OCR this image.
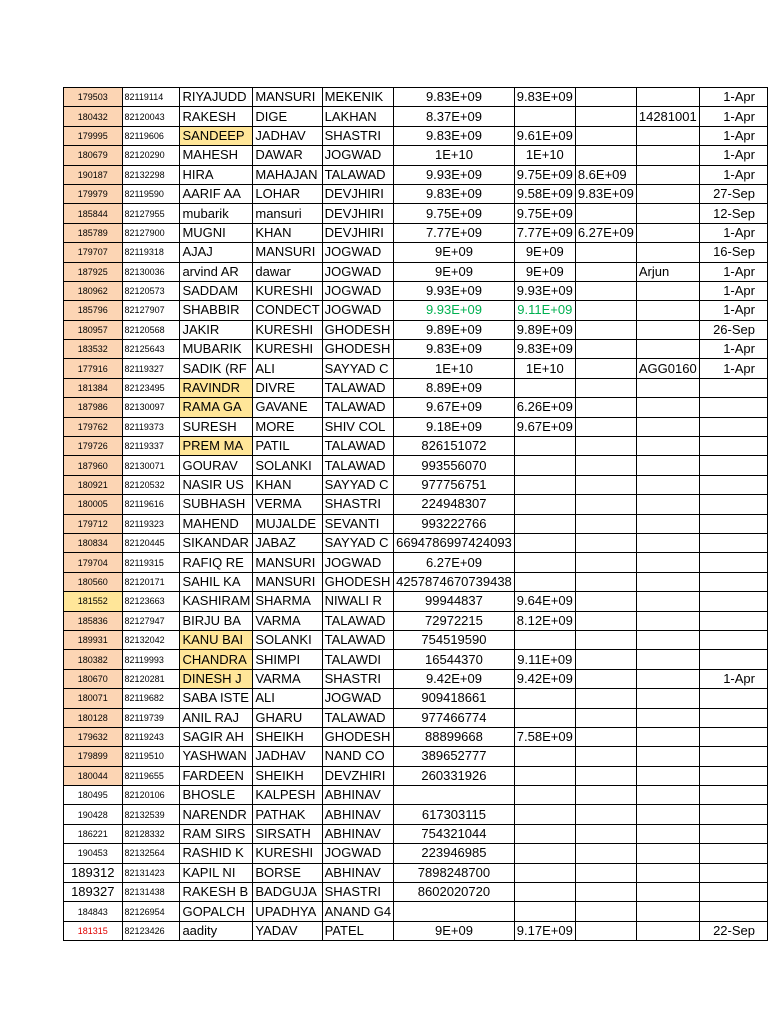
179503	82119114	RIYAJUDD	MANSURI	MEKENIK	9.83E+09	9.83E+09			1-Apr
180432	82120043	RAKESH	DIGE	LAKHAN	8.37E+09			14281001	1-Apr
179995	82119606	SANDEEP	JADHAV	SHASTRI	9.83E+09	9.61E+09			1-Apr
180679	82120290	MAHESH	DAWAR	JOGWAD	1E+10	1E+10			1-Apr
190187	82132298	HIRA	MAHAJAN	TALAWAD	9.93E+09	9.75E+09	8.6E+09		1-Apr
179979	82119590	AARIF AA	LOHAR	DEVJHIRI	9.83E+09	9.58E+09	9.83E+09		27-Sep
185844	82127955	mubarik	mansuri	DEVJHIRI	9.75E+09	9.75E+09			12-Sep
185789	82127900	MUGNI	KHAN	DEVJHIRI	7.77E+09	7.77E+09	6.27E+09		1-Apr
179707	82119318	AJAJ	MANSURI	JOGWAD	9E+09	9E+09			16-Sep
187925	82130036	arvind AR	dawar	JOGWAD	9E+09	9E+09		Arjun	1-Apr
180962	82120573	SADDAM	KURESHI	JOGWAD	9.93E+09	9.93E+09			1-Apr
185796	82127907	SHABBIR	CONDECT	JOGWAD	9.93E+09	9.11E+09			1-Apr
180957	82120568	JAKIR	KURESHI	GHODESH	9.89E+09	9.89E+09			26-Sep
183532	82125643	MUBARIK	KURESHI	GHODESH	9.83E+09	9.83E+09			1-Apr
177916	82119327	SADIK (RF	ALI	SAYYAD C	1E+10	1E+10		AGG0160	1-Apr
181384	82123495	RAVINDR	DIVRE	TALAWAD	8.89E+09				
187986	82130097	RAMA GA	GAVANE	TALAWAD	9.67E+09	6.26E+09			
179762	82119373	SURESH	MORE	SHIV COL	9.18E+09	9.67E+09			
179726	82119337	PREM MA	PATIL	TALAWAD	826151072				
187960	82130071	GOURAV	SOLANKI	TALAWAD	993556070				
180921	82120532	NASIR US	KHAN	SAYYAD C	977756751				
180005	82119616	SUBHASH	VERMA	SHASTRI	224948307				
179712	82119323	MAHEND	MUJALDE	SEVANTI	993222766				
180834	82120445	SIKANDAR	JABAZ	SAYYAD C	6694786997424093				
179704	82119315	RAFIQ RE	MANSURI	JOGWAD	6.27E+09				
180560	82120171	SAHIL KA	MANSURI	GHODESH	4257874670739438				
181552	82123663	KASHIRAM	SHARMA	NIWALI R	99944837	9.64E+09			
185836	82127947	BIRJU BA	VARMA	TALAWAD	72972215	8.12E+09			
189931	82132042	KANU BAI	SOLANKI	TALAWAD	754519590				
180382	82119993	CHANDRA	SHIMPI	TALAWDI	16544370	9.11E+09			
180670	82120281	DINESH J	VARMA	SHASTRI	9.42E+09	9.42E+09			1-Apr
180071	82119682	SABA ISTE	ALI	JOGWAD	909418661				
180128	82119739	ANIL RAJ	GHARU	TALAWAD	977466774				
179632	82119243	SAGIR AH	SHEIKH	GHODESH	88899668	7.58E+09			
179899	82119510	YASHWAN	JADHAV	NAND CO	389652777				
180044	82119655	FARDEEN	SHEIKH	DEVZHIRI	260331926				
180495	82120106	BHOSLE	KALPESH	ABHINAV					
190428	82132539	NARENDR	PATHAK	ABHINAV	617303115				
186221	82128332	RAM SIRS	SIRSATH	ABHINAV	754321044				
190453	82132564	RASHID K	KURESHI	JOGWAD	223946985				
189312	82131423	KAPIL NI	BORSE	ABHINAV	7898248700				
189327	82131438	RAKESH B	BADGUJA	SHASTRI	8602020720				
184843	82126954	GOPALCH	UPADHYA	ANAND G4					
181315	82123426	aadity	YADAV	PATEL	9E+09	9.17E+09			22-Sep
